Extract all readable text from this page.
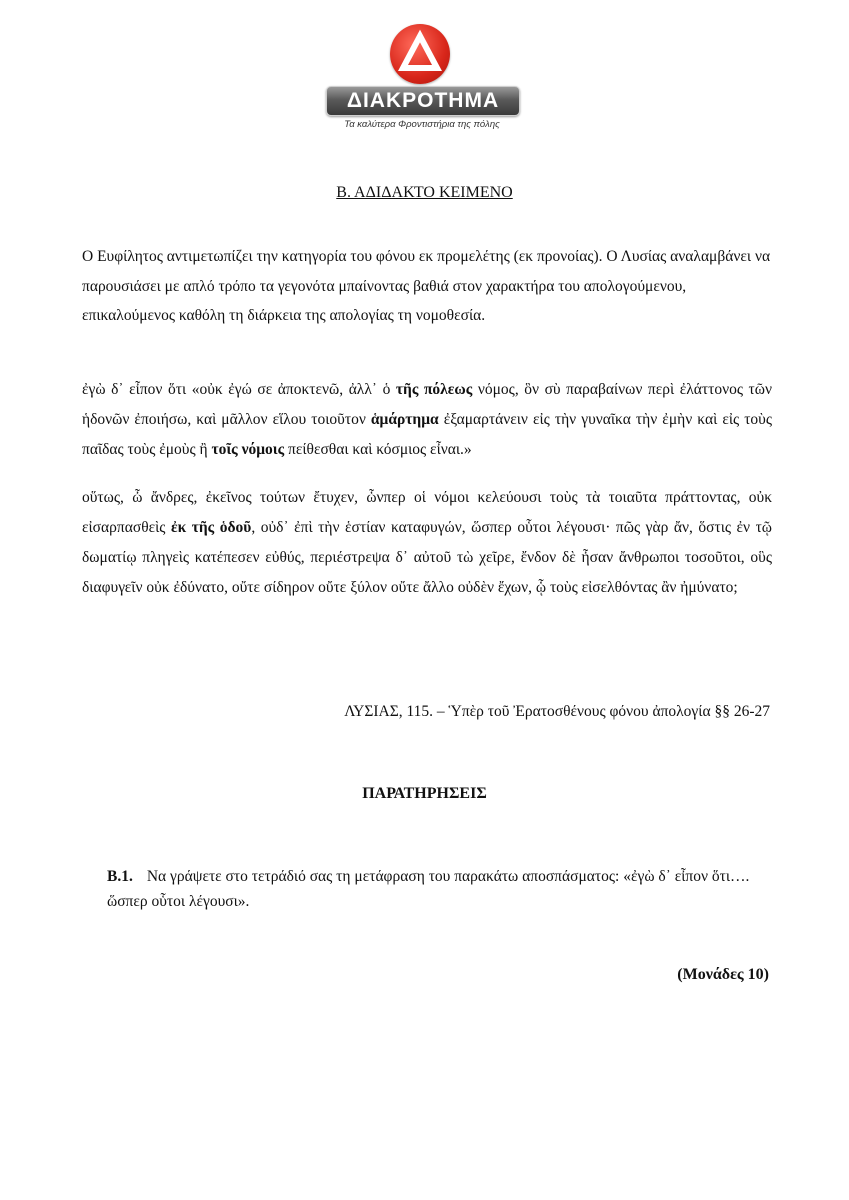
ΔΙΑΚΡΟΤΗΜΑ
Τα καλύτερα Φροντιστήρια της πόλης
Β. ΑΔΙΔΑΚΤΟ ΚΕΙΜΕΝΟ
Ο Ευφίλητος αντιμετωπίζει την κατηγορία του φόνου εκ προμελέτης (εκ προνοίας). Ο Λυσίας αναλαμβάνει να παρουσιάσει με απλό τρόπο τα γεγονότα μπαίνοντας βαθιά στον χαρακτήρα του απολογούμενου, επικαλούμενος καθόλη τη διάρκεια της απολογίας τη νομοθεσία.
ἐγὼ δ᾽ εἶπον ὅτι «οὐκ ἐγώ σε ἀποκτενῶ, ἀλλ᾽ ὁ τῆς πόλεως νόμος, ὃν σὺ παραβαίνων περὶ ἐλάττονος τῶν ἡδονῶν ἐποιήσω, καὶ μᾶλλον εἵλου τοιοῦτον ἁμάρτημα ἐξαμαρτάνειν εἰς τὴν γυναῖκα τὴν ἐμὴν καὶ εἰς τοὺς παῖδας τοὺς ἐμοὺς ἢ τοῖς νόμοις πείθεσθαι καὶ κόσμιος εἶναι.»
οὕτως, ὦ ἄνδρες, ἐκεῖνος τούτων ἔτυχεν, ὧνπερ οἱ νόμοι κελεύουσι τοὺς τὰ τοιαῦτα πράττοντας, οὐκ εἰσαρπασθεὶς ἐκ τῆς ὁδοῦ, οὐδ᾽ ἐπὶ τὴν ἑστίαν καταφυγών, ὥσπερ οὗτοι λέγουσι· πῶς γὰρ ἄν, ὅστις ἐν τῷ δωματίῳ πληγεὶς κατέπεσεν εὐθύς, περιέστρεψα δ᾽ αὐτοῦ τὼ χεῖρε, ἔνδον δὲ ἦσαν ἄνθρωποι τοσοῦτοι, οὓς διαφυγεῖν οὐκ ἐδύνατο, οὔτε σίδηρον οὔτε ξύλον οὔτε ἄλλο οὐδὲν ἔχων, ᾧ τοὺς εἰσελθόντας ἂν ἠμύνατο;
ΛΥΣΙΑΣ, 115. – Ὑπὲρ τοῦ Ἐρατοσθένους φόνου ἀπολογία §§ 26-27
ΠΑΡΑΤΗΡΗΣΕΙΣ
Β.1. Να γράψετε στο τετράδιό σας τη μετάφραση του παρακάτω αποσπάσματος: «ἐγὼ δ᾽ εἶπον ὅτι…. ὥσπερ οὗτοι λέγουσι».
(Μονάδες 10)
